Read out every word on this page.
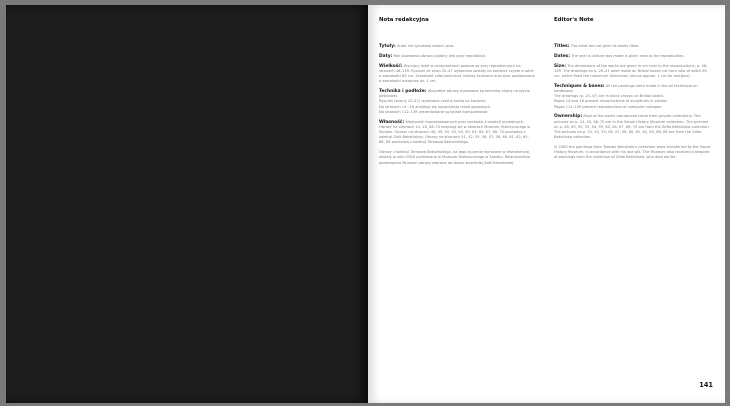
Nota redakcyjna

Tytuły: Autor nie tytułował swoich prac.

Daty: Rok powstania obrazu podany jest przy reprodukcji.

Wielkość: Wymiary dzieł w centymetrach podane są przy reprodukcjach na stronach 48–139. Rysunki ze stron 20–47 wykonane zostały na kartonie czyste o szkle o szerokości 65 cm. Szerokość całej kostrukcji między ścianami oraz było powiększone o szerokości margines ok. 1 cm.

Technika i podłoże: Wszystkie obrazy malowane są techniką olejną na płycie pilśniowej.
Rysunki (strony 20–47) wykonane czarną kredą na kartonie.
Na stronach 14 i 16 znajdują się reprodukcje rzeźb gipsowych.
Na stronach 112–139 prezentowane są kolaże komputerowe.

Własność: Większość reprodukowanych prac pochodzi z kolekcji prywatnych. Obrazy na stronach 14, 16, 48–70 znajdują się w zbiorach Muzeum Historycznego w Sanoku. Obrazy na stronach 48, 49, 50, 53, 54, 59, 63, 64, 67, 68, 70 pochodzą z kolekcji Zofii Beksińskiej. Obrazy na stronach 51, 52, 55, 56, 57, 58, 60, 61, 62, 65, 66, 69 pochodzą z kolekcji Tomasza Beksińskiego.

Obrazy z kolekcji Tomasza Beksińskiego, na jego życzenie wyrażone w testamencie, zostały w roku 2000 przekazane w Muzeum Historycznego w Sanoku. Równocześnie podarowano Muzeum obrazy zebrane do zbioru wcześniej Zofii Beksińskiej.

Editor's Note

Titles: The artist did not give his works titles.

Dates: The year a picture was made is given next to the reproduction.

Size: The dimensions of the works are given in cm next to the reproductions, p. 48–139. The drawings on p. 20–47 were made on Bristol board cut from rolls of width 65 cm, which fixed the maximum dimension (minus approx. 1 cm for margins).

Techniques & bases: All the paintings were made in the oil technique on hardboard.
The drawings (p. 20–47) are in black crayon on Bristol board.
Pages 14 and 16 present reproductions of sculptures in plaster.
Pages 112–139 present reproductions of computer collages.

Ownership: Most of the works reproduced come from private collections. The pictures on p. 14, 16, 48–70 are in the Sanok History Museum collection. The pictures on p. 48, 49, 50, 53, 54, 59, 63, 64, 67, 68, 70 are from the Zofia Beksińska collection. The pictures on p. 51, 52, 55, 56, 57, 58, 60, 61, 62, 65, 66, 69 are from the Zofia Beksińska collection.

In 2000 the paintings from Tomasz Beksiński's collection were transferred to the Sanok History Museum, in accordance with his last will. The Museum also received a bequest of paintings from the collection of Zofia Beksińska, who died earlier.

141
